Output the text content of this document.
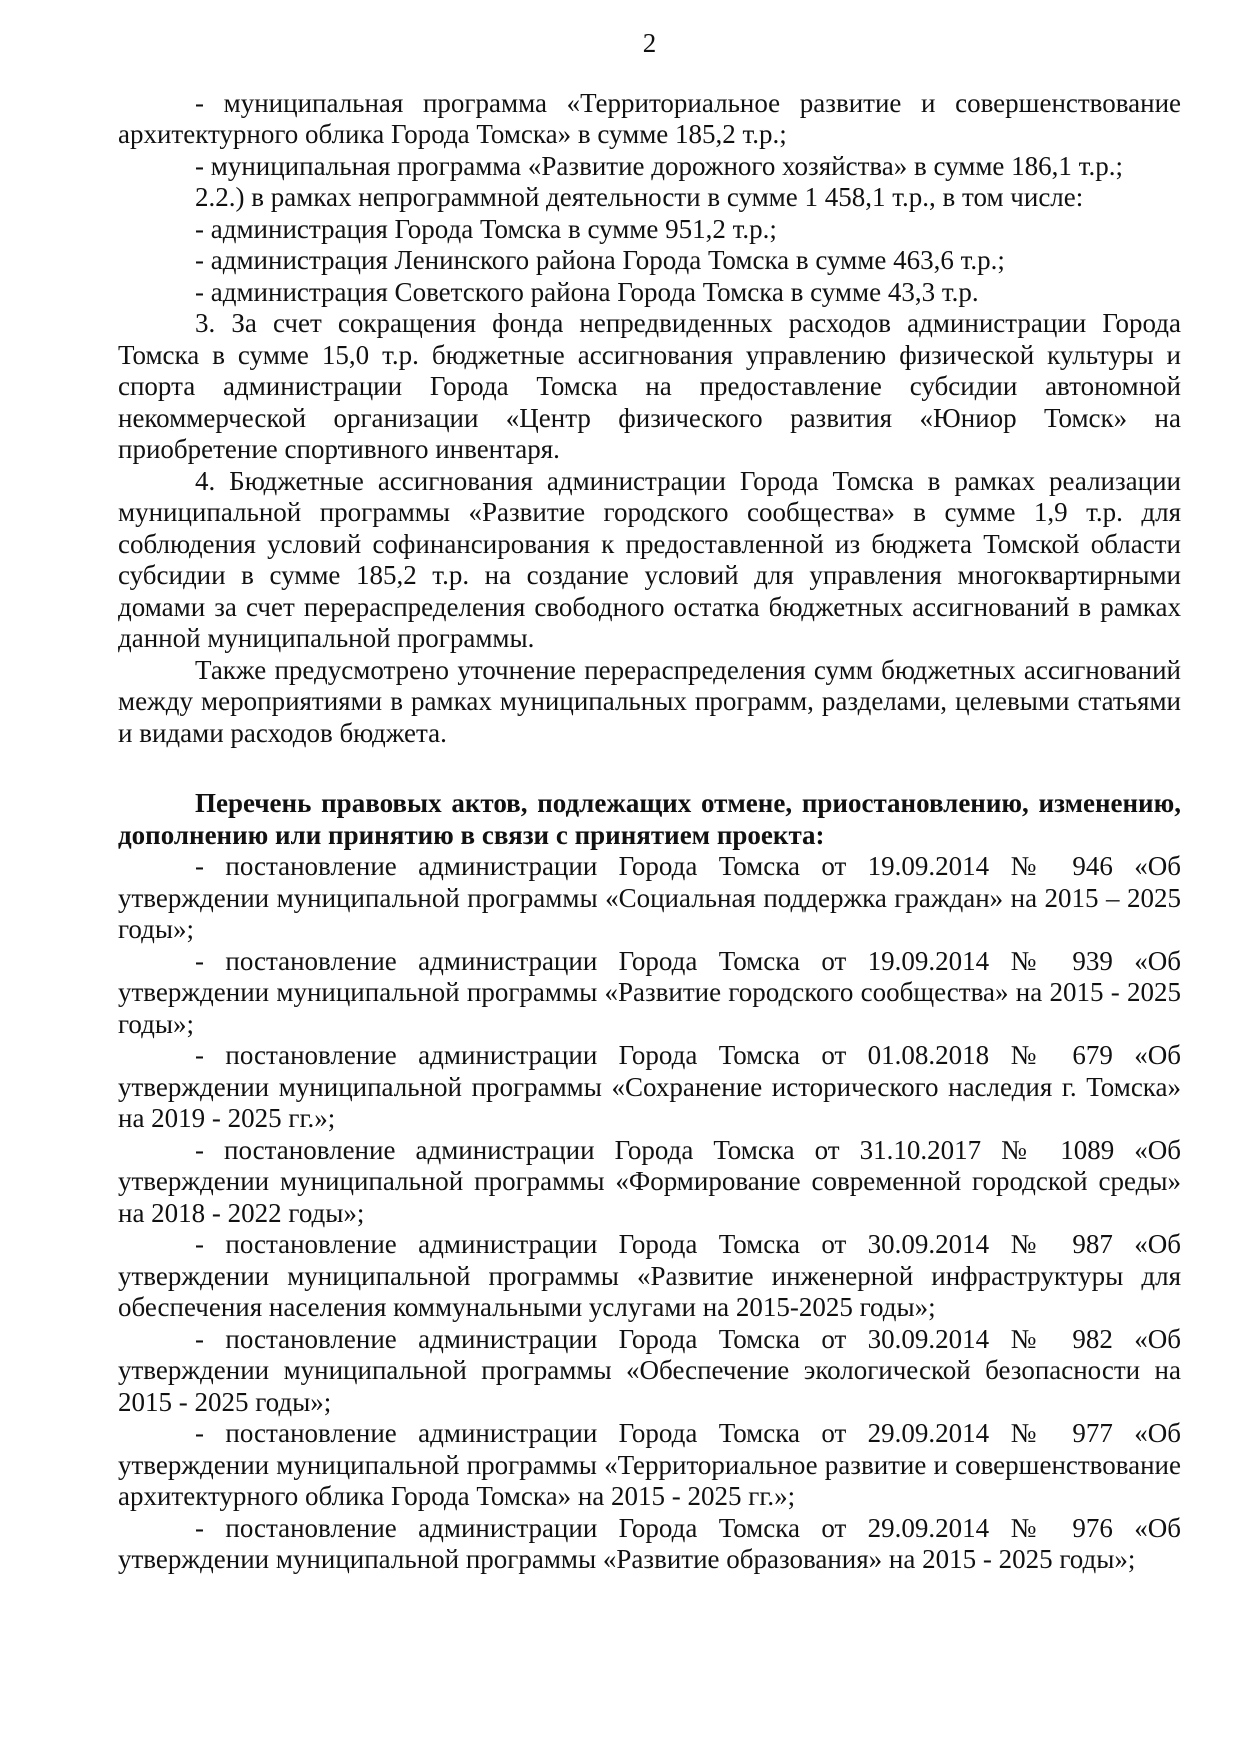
2

- муниципальная программа «Территориальное развитие и совершенствование архитектурного облика Города Томска» в сумме 185,2 т.р.;

- муниципальная программа «Развитие дорожного хозяйства» в сумме 186,1 т.р.;

2.2.) в рамках непрограммной деятельности в сумме 1 458,1 т.р., в том числе:

- администрация Города Томска в сумме 951,2 т.р.;

- администрация Ленинского района Города Томска в сумме 463,6 т.р.;

- администрация Советского района Города Томска в сумме 43,3 т.р.

3. За счет сокращения фонда непредвиденных расходов администрации Города Томска в сумме 15,0 т.р. бюджетные ассигнования управлению физической культуры и спорта администрации Города Томска на предоставление субсидии автономной некоммерческой организации «Центр физического развития «Юниор Томск» на приобретение спортивного инвентаря.

4. Бюджетные ассигнования администрации Города Томска в рамках реализации муниципальной программы «Развитие городского сообщества» в сумме 1,9 т.р. для соблюдения условий софинансирования к предоставленной из бюджета Томской области субсидии в сумме 185,2 т.р. на создание условий для управления многоквартирными домами за счет перераспределения свободного остатка бюджетных ассигнований в рамках данной муниципальной программы.

Также предусмотрено уточнение перераспределения сумм бюджетных ассигнований между мероприятиями в рамках муниципальных программ, разделами, целевыми статьями и видами расходов бюджета.

Перечень правовых актов, подлежащих отмене, приостановлению, изменению, дополнению или принятию в связи с принятием проекта:

- постановление администрации Города Томска от 19.09.2014 № 946 «Об утверждении муниципальной программы «Социальная поддержка граждан» на 2015 – 2025 годы»;

- постановление администрации Города Томска от 19.09.2014 № 939 «Об утверждении муниципальной программы «Развитие городского сообщества» на 2015 - 2025 годы»;

- постановление администрации Города Томска от 01.08.2018 № 679 «Об утверждении муниципальной программы «Сохранение исторического наследия г. Томска» на 2019 - 2025 гг.»;

- постановление администрации Города Томска от 31.10.2017 № 1089 «Об утверждении муниципальной программы «Формирование современной городской среды» на 2018 - 2022 годы»;

- постановление администрации Города Томска от 30.09.2014 № 987 «Об утверждении муниципальной программы «Развитие инженерной инфраструктуры для обеспечения населения коммунальными услугами на 2015-2025 годы»;

- постановление администрации Города Томска от 30.09.2014 № 982 «Об утверждении муниципальной программы «Обеспечение экологической безопасности на 2015 - 2025 годы»;

- постановление администрации Города Томска от 29.09.2014 № 977 «Об утверждении муниципальной программы «Территориальное развитие и совершенствование архитектурного облика Города Томска» на 2015 - 2025 гг.»;

- постановление администрации Города Томска от 29.09.2014 № 976 «Об утверждении муниципальной программы «Развитие образования» на 2015 - 2025 годы»;
